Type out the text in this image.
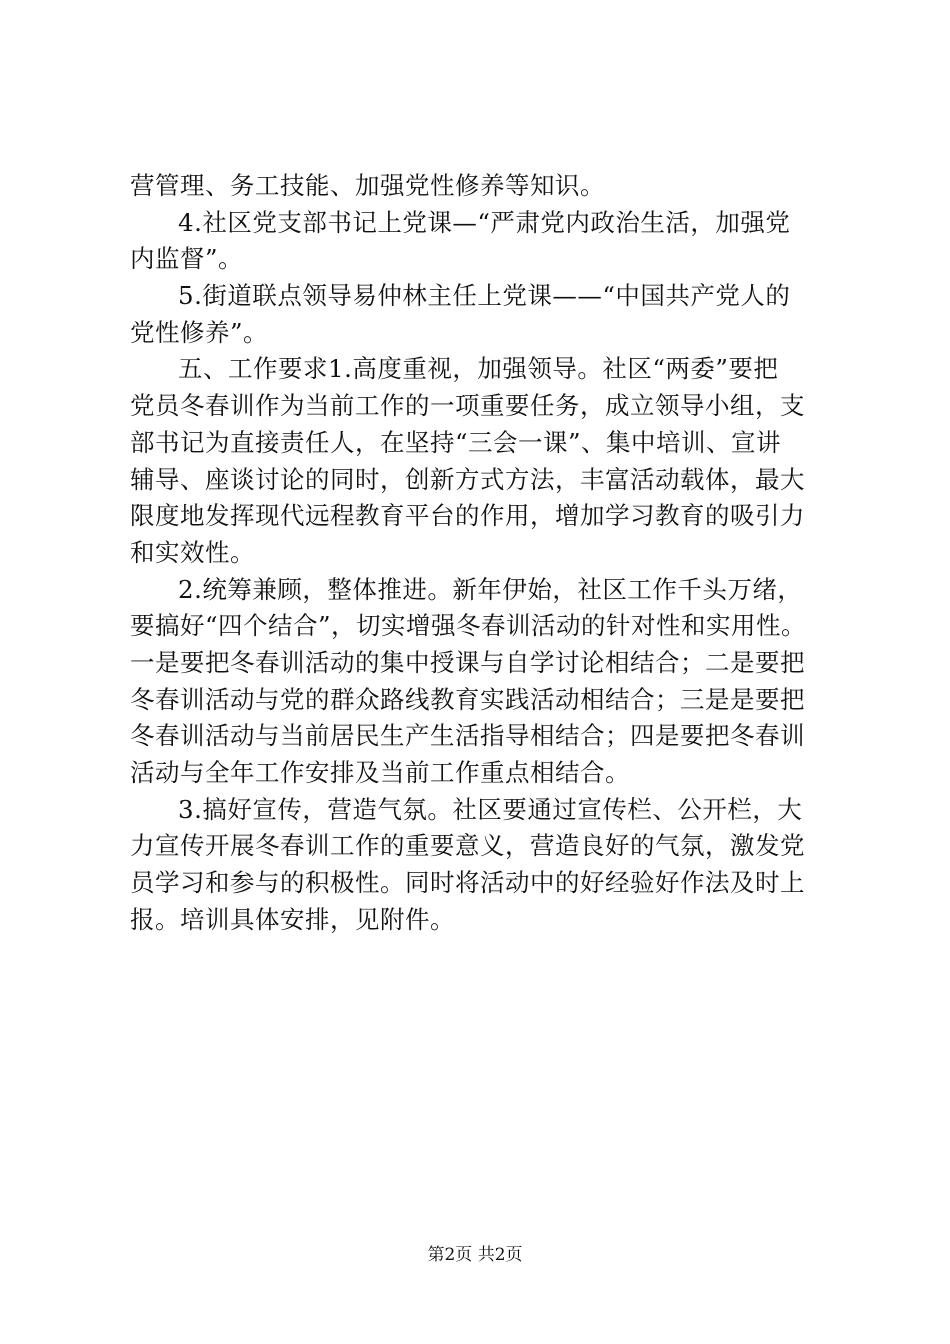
营管理、务工技能、加强党性修养等知识。
4.社区党支部书记上党课—“严肃党内政治生活，加强党
内监督”。
5.街道联点领导易仲林主任上党课——“中国共产党人的
党性修养”。
五、工作要求1.高度重视，加强领导。社区“两委”要把
党员冬春训作为当前工作的一项重要任务，成立领导小组，支
部书记为直接责任人，在坚持“三会一课”、集中培训、宣讲
辅导、座谈讨论的同时，创新方式方法，丰富活动载体，最大
限度地发挥现代远程教育平台的作用，增加学习教育的吸引力
和实效性。
2.统筹兼顾，整体推进。新年伊始，社区工作千头万绪，
要搞好“四个结合”，切实增强冬春训活动的针对性和实用性。
一是要把冬春训活动的集中授课与自学讨论相结合；二是要把
冬春训活动与党的群众路线教育实践活动相结合；三是是要把
冬春训活动与当前居民生产生活指导相结合；四是要把冬春训
活动与全年工作安排及当前工作重点相结合。
3.搞好宣传，营造气氛。社区要通过宣传栏、公开栏，大
力宣传开展冬春训工作的重要意义，营造良好的气氛，激发党
员学习和参与的积极性。同时将活动中的好经验好作法及时上
报。培训具体安排，见附件。
第2页 共2页
